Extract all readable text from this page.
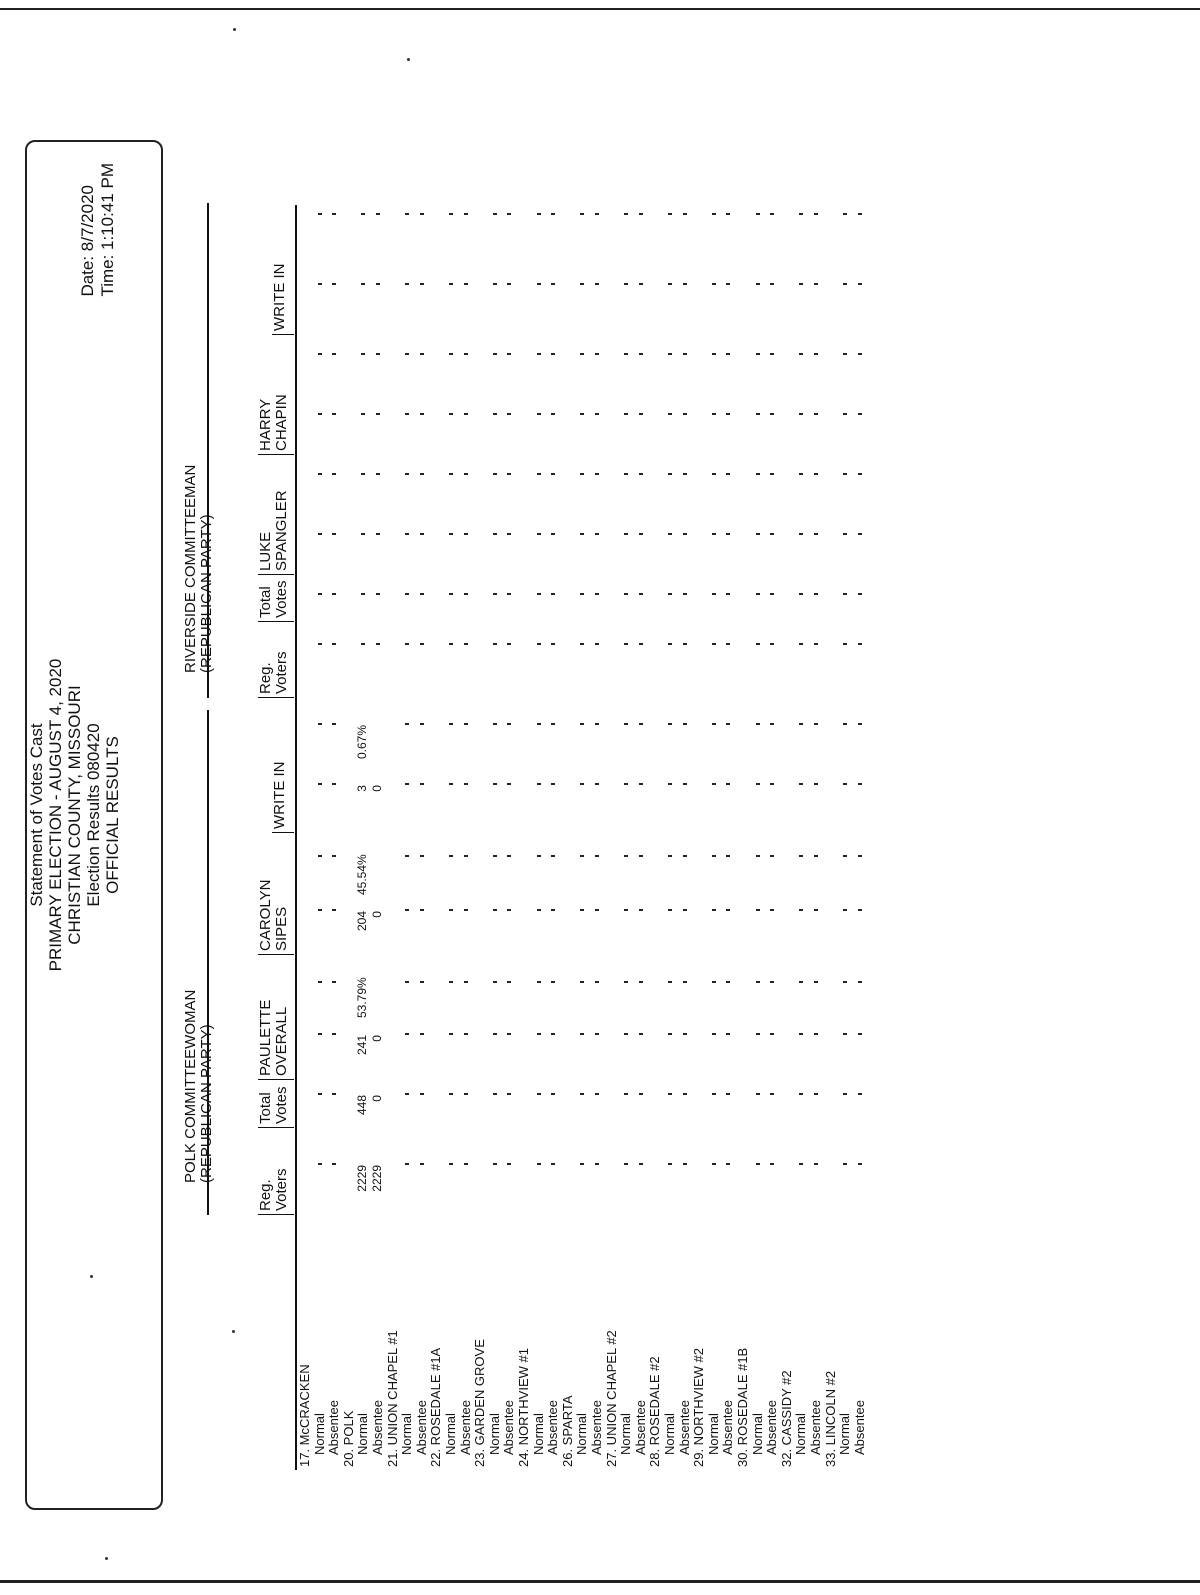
Statement of Votes Cast PRIMARY ELECTION - AUGUST 4, 2020 CHRISTIAN COUNTY, MISSOURI Election Results 080420 OFFICIAL RESULTS
Date: 8/7/2020 Time: 1:10:41 PM
POLK COMMITTEEWOMAN (REPUBLICAN PARTY)
RIVERSIDE COMMITTEEMAN (REPUBLICAN PARTY)
Reg. Voters
Total Votes
PAULETTE OVERALL
CAROLYN SIPES
WRITE IN
Reg. Voters
Total Votes
LUKE SPANGLER
HARRY CHAPIN
WRITE IN
17. McCRACKEN Normal Absentee 20. POLK Normal
2229
448
241
53.79%
204
45.54%
3
0.67%
Absentee
2229
0
0
0
0
21. UNION CHAPEL #1 Normal Absentee 22. ROSEDALE #1A Normal Absentee 23. GARDEN GROVE Normal Absentee 24. NORTHVIEW #1 Normal Absentee 26. SPARTA Normal Absentee 27. UNION CHAPEL #2 Normal Absentee 28. ROSEDALE #2 Normal Absentee 29. NORTHVIEW #2 Normal Absentee 30. ROSEDALE #1B Normal Absentee 32. CASSIDY #2 Normal Absentee 33. LINCOLN #2 Normal Absentee
